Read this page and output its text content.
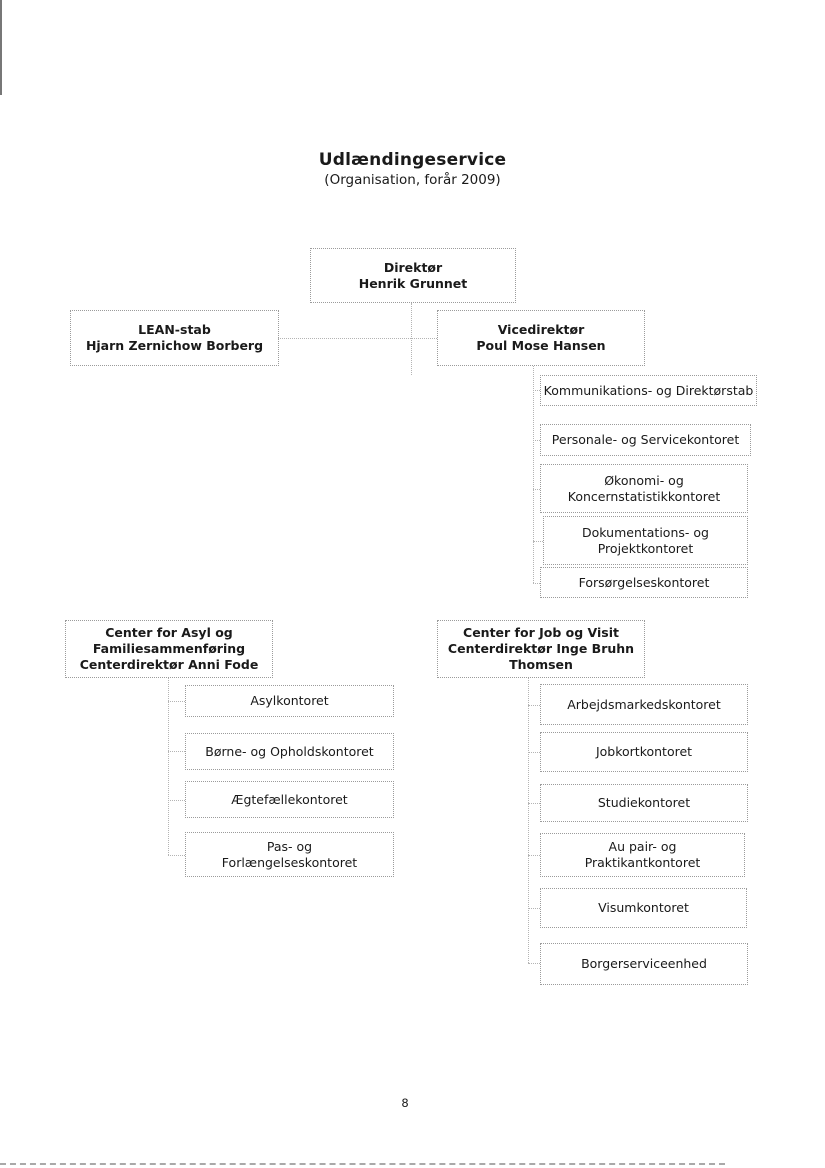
Udlændingeservice
(Organisation, forår 2009)
Direktør
Henrik Grunnet
LEAN-stab
Hjarn Zernichow Borberg
Vicedirektør
Poul Mose Hansen
Kommunikations- og Direktørstab
Personale- og Servicekontoret
Økonomi- og
Koncernstatistikkontoret
Dokumentations- og
Projektkontoret
Forsørgelseskontoret
Center for Asyl og
Familiesammenføring
Centerdirektør Anni Fode
Center for Job og Visit
Centerdirektør Inge Bruhn
Thomsen
Asylkontoret
Børne- og Opholdskontoret
Ægtefællekontoret
Pas- og
Forlængelseskontoret
Arbejdsmarkedskontoret
Jobkortkontoret
Studiekontoret
Au pair- og
Praktikantkontoret
Visumkontoret
Borgerserviceenhed
8
